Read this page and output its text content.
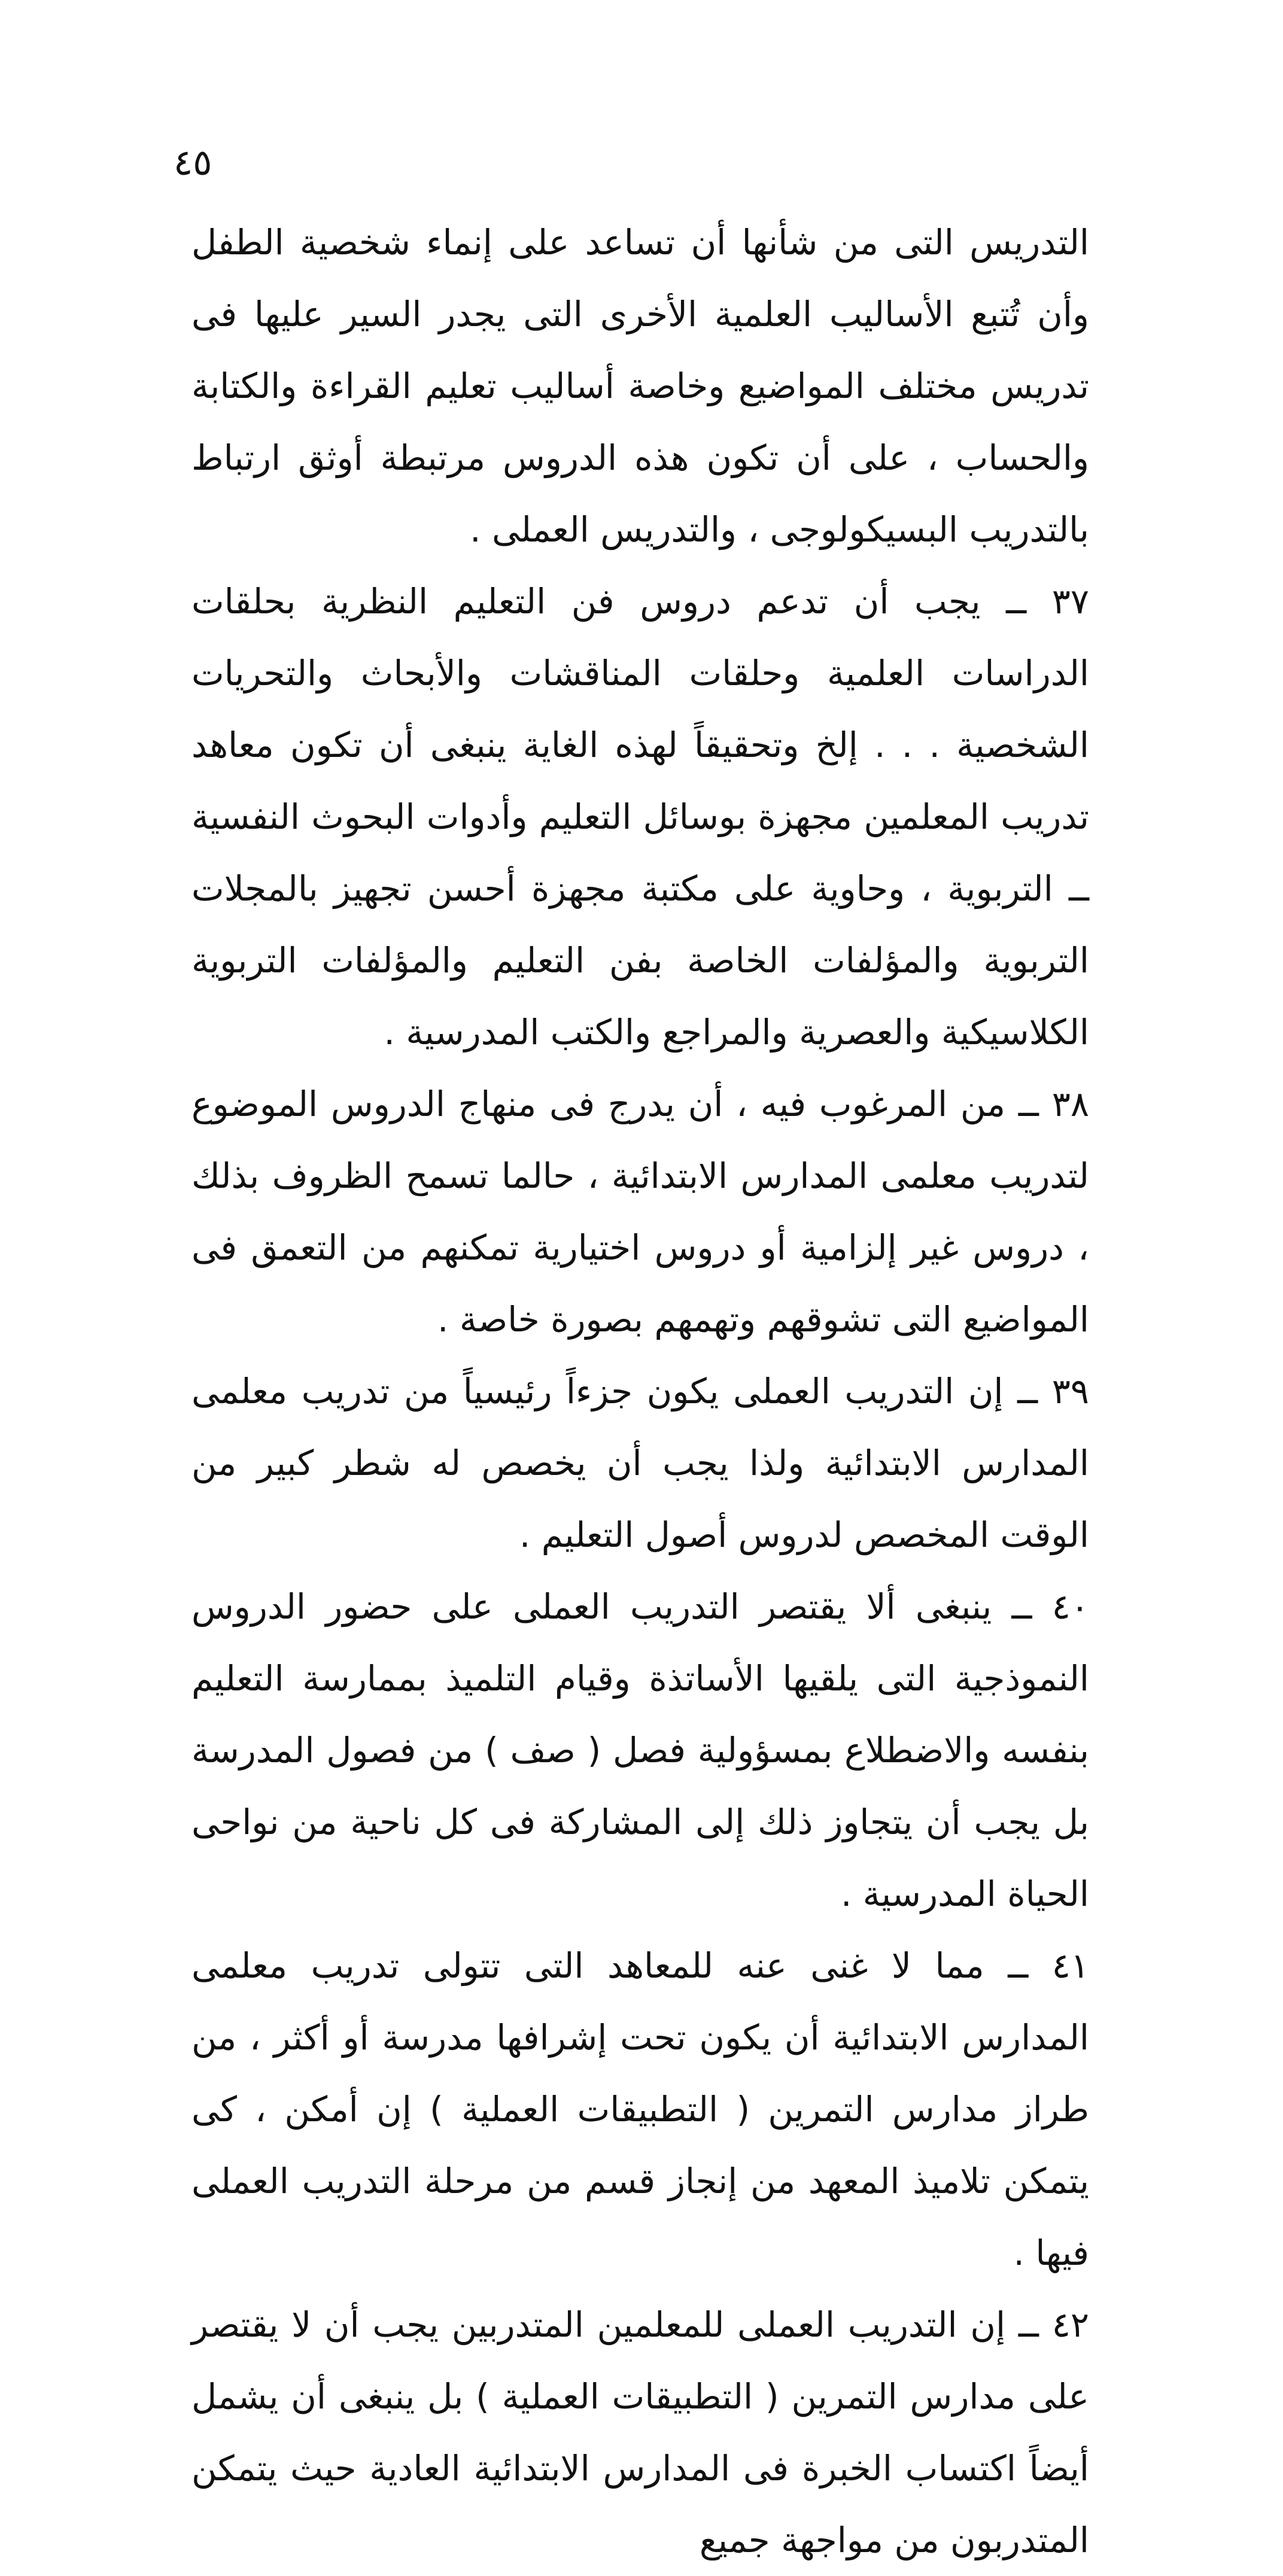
٤٥

التدريس التى من شأنها أن تساعد على إنماء شخصية الطفل وأن تُتبع الأساليب العلمية الأخرى التى يجدر السير عليها فى تدريس مختلف المواضيع وخاصة أساليب تعليم القراءة والكتابة والحساب ، على أن تكون هذه الدروس مرتبطة أوثق ارتباط بالتدريب البسيكولوجى ، والتدريس العملى .

٣٧ ــ يجب أن تدعم دروس فن التعليم النظرية بحلقات الدراسات العلمية وحلقات المناقشات والأبحاث والتحريات الشخصية . . . إلخ وتحقيقاً لهذه الغاية ينبغى أن تكون معاهد تدريب المعلمين مجهزة بوسائل التعليم وأدوات البحوث النفسية ــ التربوية ، وحاوية على مكتبة مجهزة أحسن تجهيز بالمجلات التربوية والمؤلفات الخاصة بفن التعليم والمؤلفات التربوية الكلاسيكية والعصرية والمراجع والكتب المدرسية .

٣٨ ــ من المرغوب فيه ، أن يدرج فى منهاج الدروس الموضوع لتدريب معلمى المدارس الابتدائية ، حالما تسمح الظروف بذلك ، دروس غير إلزامية أو دروس اختيارية تمكنهم من التعمق فى المواضيع التى تشوقهم وتهمهم بصورة خاصة .

٣٩ ــ إن التدريب العملى يكون جزءاً رئيسياً من تدريب معلمى المدارس الابتدائية ولذا يجب أن يخصص له شطر كبير من الوقت المخصص لدروس أصول التعليم .

٤٠ ــ ينبغى ألا يقتصر التدريب العملى على حضور الدروس النموذجية التى يلقيها الأساتذة وقيام التلميذ بممارسة التعليم بنفسه والاضطلاع بمسؤولية فصل ( صف ) من فصول المدرسة بل يجب أن يتجاوز ذلك إلى المشاركة فى كل ناحية من نواحى الحياة المدرسية .

٤١ ــ مما لا غنى عنه للمعاهد التى تتولى تدريب معلمى المدارس الابتدائية أن يكون تحت إشرافها مدرسة أو أكثر ، من طراز مدارس التمرين ( التطبيقات العملية ) إن أمكن ، كى يتمكن تلاميذ المعهد من إنجاز قسم من مرحلة التدريب العملى فيها .

٤٢ ــ إن التدريب العملى للمعلمين المتدربين يجب أن لا يقتصر على مدارس التمرين ( التطبيقات العملية ) بل ينبغى أن يشمل أيضاً اكتساب الخبرة فى المدارس الابتدائية العادية حيث يتمكن المتدربون من مواجهة جميع
